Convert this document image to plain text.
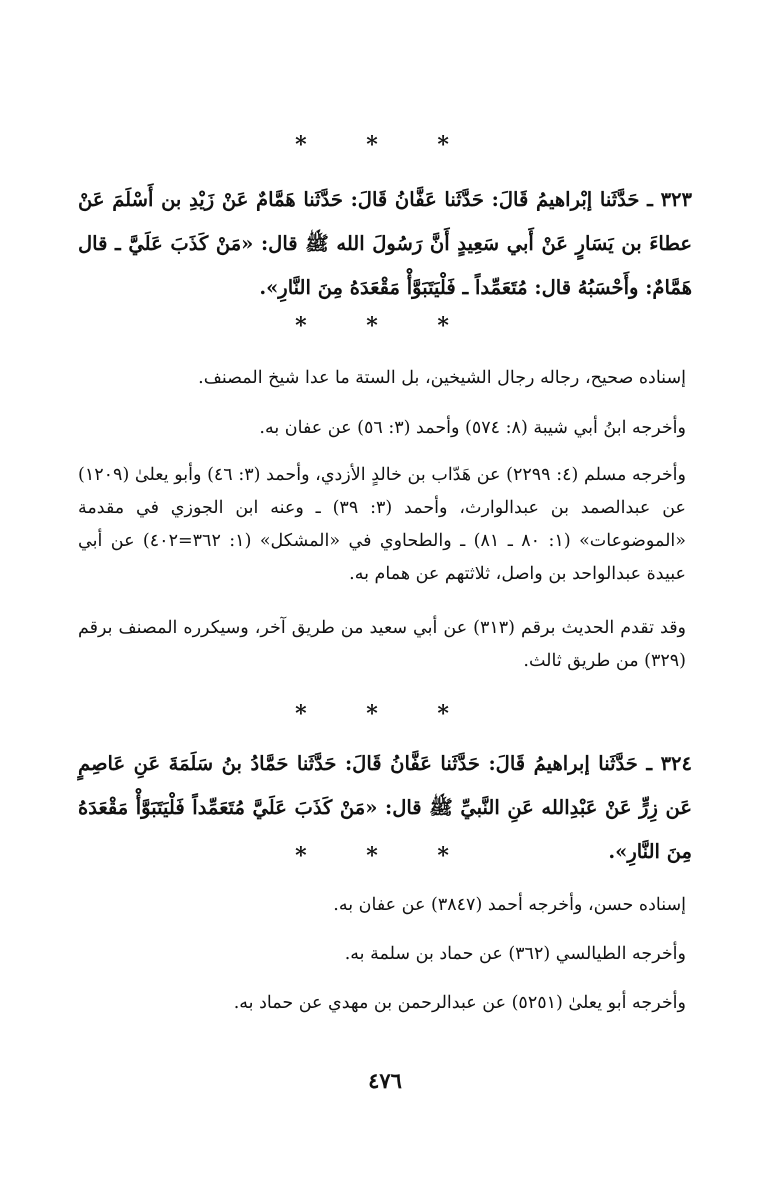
* * *
٣٢٣ ـ حَدَّثَنا إبْراهيمُ قَالَ: حَدَّثَنا عَفَّانُ قَالَ: حَدَّثَنا هَمَّامٌ عَنْ زَيْدِ بن أَسْلَمَ عَنْ عطاءَ بن يَسَارٍ عَنْ أَبي سَعِيدٍ أَنَّ رَسُولَ الله ﷺ قال: «مَنْ كَذَبَ عَلَيَّ ـ قال هَمَّامٌ: وأَحْسَبُهُ قال: مُتَعَمِّداً ـ فَلْيَتَبَوَّأْ مَقْعَدَهُ مِنَ النَّارِ».
* * *
إسناده صحيح، رجاله رجال الشيخين، بل الستة ما عدا شيخ المصنف.
وأخرجه ابنُ أبي شيبة (٨: ٥٧٤) وأحمد (٣: ٥٦) عن عفان به.
وأخرجه مسلم (٤: ٢٢٩٩) عن هَدّاب بن خالدٍ الأزدي، وأحمد (٣: ٤٦) وأبو يعلىٰ (١٢٠٩) عن عبدالصمد بن عبدالوارث، وأحمد (٣: ٣٩) ـ وعنه ابن الجوزي في مقدمة «الموضوعات» (١: ٨٠ ـ ٨١) ـ والطحاوي في «المشكل» (١: ٣٦٢=٤٠٢) عن أبي عبيدة عبدالواحد بن واصل، ثلاثتهم عن همام به.
وقد تقدم الحديث برقم (٣١٣) عن أبي سعيد من طريق آخر، وسيكرره المصنف برقم (٣٢٩) من طريق ثالث.
* * *
٣٢٤ ـ حَدَّثَنا إبراهيمُ قَالَ: حَدَّثَنا عَفَّانُ قَالَ: حَدَّثَنا حَمَّادُ بنُ سَلَمَةَ عَنِ عَاصِمٍ عَن زِرٍّ عَنْ عَبْدِالله عَنِ النَّبيِّ ﷺ قال: «مَنْ كَذَبَ عَلَيَّ مُتَعَمِّداً فَلْيَتَبَوَّأْ مَقْعَدَهُ مِنَ النَّارِ».
* * *
إسناده حسن، وأخرجه أحمد (٣٨٤٧) عن عفان به.
وأخرجه الطيالسي (٣٦٢) عن حماد بن سلمة به.
وأخرجه أبو يعلىٰ (٥٢٥١) عن عبدالرحمن بن مهدي عن حماد به.
٤٧٦
